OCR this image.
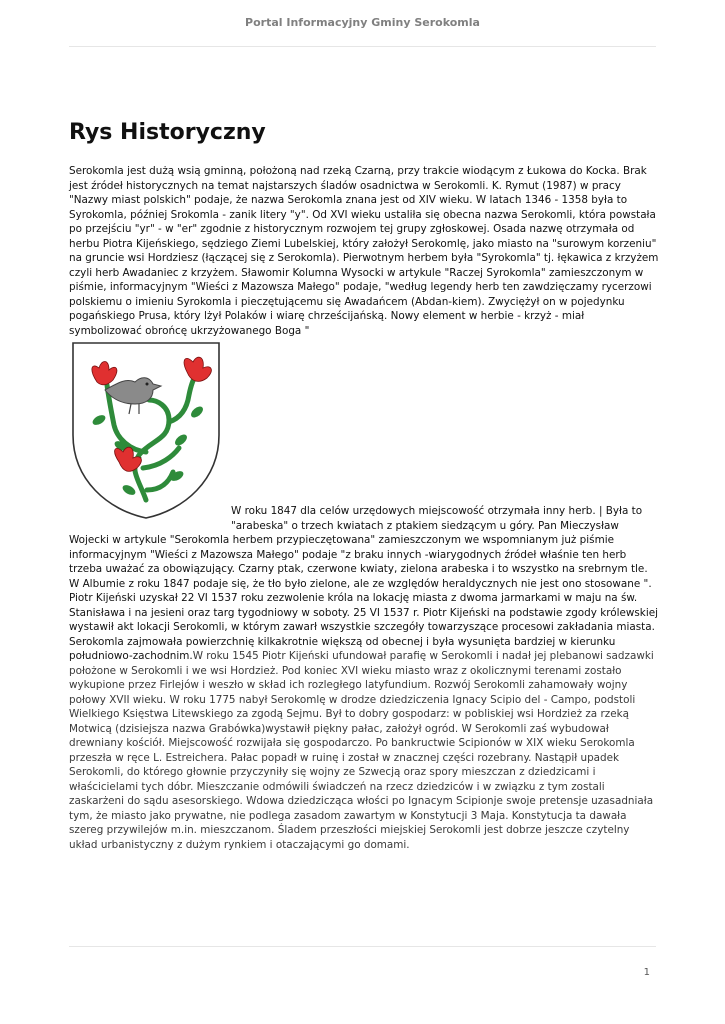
Portal Informacyjny Gminy Serokomla
Rys Historyczny

Serokomla jest dużą wsią gminną, położoną nad rzeką Czarną, przy trakcie wiodącym z Łukowa do Kocka. Brak jest źródeł historycznych na temat najstarszych śladów osadnictwa w Serokomli. K. Rymut (1987) w pracy "Nazwy miast polskich" podaje, że nazwa Serokomla znana jest od XIV wieku. W latach 1346 - 1358 była to Syrokomla, później Srokomla - zanik litery "y". Od XVI wieku ustaliła się obecna nazwa Serokomli, która powstała po przejściu "yr" - w "er" zgodnie z historycznym rozwojem tej grupy zgłoskowej. Osada nazwę otrzymała od herbu Piotra Kijeńskiego, sędziego Ziemi Lubelskiej, który założył Serokomlę, jako miasto na "surowym korzeniu" na gruncie wsi Hordziesz (łączącej się z Serokomla). Pierwotnym herbem była "Syrokomla" tj. łękawica z krzyżem czyli herb Awadaniec z krzyżem. Sławomir Kolumna Wysocki w artykule "Raczej Syrokomla" zamieszczonym w piśmie, informacyjnym "Wieści z Mazowsza Małego" podaje, "według legendy herb ten zawdzięczamy rycerzowi polskiemu o imieniu Syrokomla i pieczętującemu się Awadańcem (Abdan-kiem). Zwyciężył on w pojedynku pogańskiego Prusa, który lżył Polaków i wiarę chrześcijańską. Nowy element w herbie - krzyż - miał symbolizować obrońcę ukrzyżowanego Boga "

W roku 1847 dla celów urzędowych miejscowość otrzymała inny herb. | Była to "arabeska" o trzech kwiatach z ptakiem siedzącym u góry. Pan Mieczysław Wojecki w artykule "Serokomla herbem przypieczętowana" zamieszczonym we wspomnianym już piśmie informacyjnym "Wieści z Mazowsza Małego" podaje "z braku innych -wiarygodnych źródeł właśnie ten herb trzeba uważać za obowiązujący. Czarny ptak, czerwone kwiaty, zielona arabeska i to wszystko na srebrnym tle. W Albumie z roku 1847 podaje się, że tło było zielone, ale ze względów heraldycznych nie jest ono stosowane ". Piotr Kijeński uzyskał 22 VI 1537 roku zezwolenie króla na lokację miasta z dwoma jarmarkami w maju na św. Stanisława i na jesieni oraz targ tygodniowy w soboty. 25 VI 1537 r. Piotr Kijeński na podstawie zgody królewskiej wystawił akt lokacji Serokomli, w którym zawarł wszystkie szczegóły towarzyszące procesowi zakładania miasta. Serokomla zajmowała powierzchnię kilkakrotnie większą od obecnej i była wysunięta bardziej w kierunku południowo-zachodnim.W roku 1545 Piotr Kijeński ufundował parafię w Serokomli i nadał jej plebanowi sadzawki położone w Serokomli i we wsi Hordzież. Pod koniec XVI wieku miasto wraz z okolicznymi terenami zostało wykupione przez Firlejów i weszło w skład ich rozległego latyfundium. Rozwój Serokomli zahamowały wojny połowy XVII wieku. W roku 1775 nabył Serokomlę w drodze dziedziczenia Ignacy Scipio del - Campo, podstoli Wielkiego Księstwa Litewskiego za zgodą Sejmu. Był to dobry gospodarz: w pobliskiej wsi Hordzież za rzeką Motwicą (dzisiejsza nazwa Grabówka)wystawił piękny pałac, założył ogród. W Serokomli zaś wybudował drewniany kościół. Miejscowość rozwijała się gospodarczo. Po bankructwie Scipionów w XIX wieku Serokomla przeszła w ręce L. Estreichera. Pałac popadł w ruinę i został w znacznej części rozebrany. Nastąpił upadek Serokomli, do którego głownie przyczyniły się wojny ze Szwecją oraz spory mieszczan z dziedzicami i właścicielami tych dóbr. Mieszczanie odmówili świadczeń na rzecz dziedziców i w związku z tym zostali zaskarżeni do sądu asesorskiego. Wdowa dziedzicząca włości po Ignacym Scipionje swoje pretensje uzasadniała tym, że miasto jako prywatne, nie podlega zasadom zawartym w Konstytucji 3 Maja. Konstytucja ta dawała szereg przywilejów m.in. mieszczanom. Śladem przeszłości miejskiej Serokomli jest dobrze jeszcze czytelny układ urbanistyczny z dużym rynkiem i otaczającymi go domami.

1
